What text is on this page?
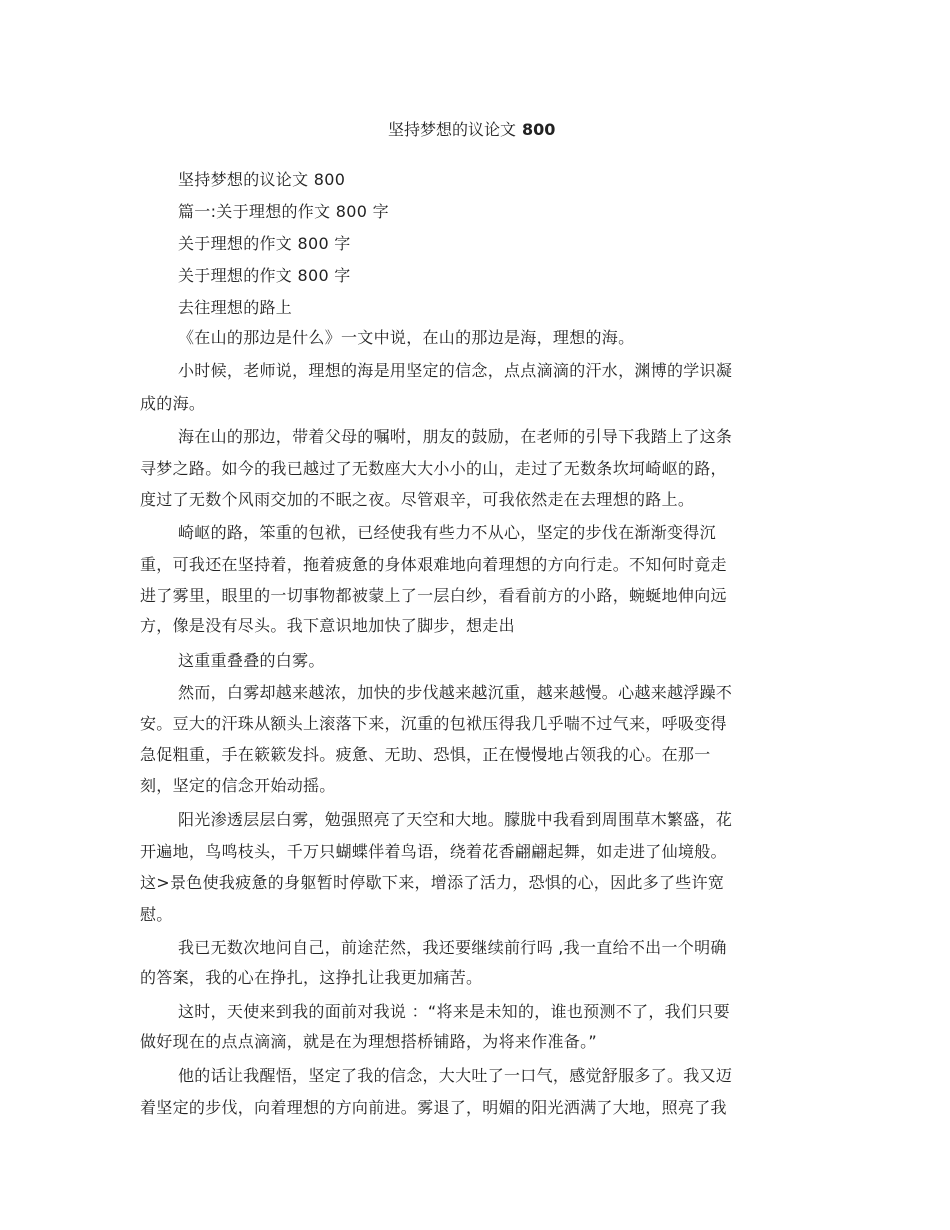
坚持梦想的议论文 800
坚持梦想的议论文 800
篇一:关于理想的作文 800 字
关于理想的作文 800 字
关于理想的作文 800 字
去往理想的路上
《在山的那边是什么》一文中说，在山的那边是海，理想的海。
小时候，老师说，理想的海是用坚定的信念，点点滴滴的汗水，渊博的学识凝
成的海。
海在山的那边，带着父母的嘱咐，朋友的鼓励，在老师的引导下我踏上了这条
寻梦之路。如今的我已越过了无数座大大小小的山，走过了无数条坎坷崎岖的路，
度过了无数个风雨交加的不眠之夜。尽管艰辛，可我依然走在去理想的路上。
崎岖的路，笨重的包袱，已经使我有些力不从心，坚定的步伐在渐渐变得沉
重，可我还在坚持着，拖着疲惫的身体艰难地向着理想的方向行走。不知何时竟走
进了雾里，眼里的一切事物都被蒙上了一层白纱，看看前方的小路，蜿蜒地伸向远
方，像是没有尽头。我下意识地加快了脚步，想走出
这重重叠叠的白雾。
然而，白雾却越来越浓，加快的步伐越来越沉重，越来越慢。心越来越浮躁不
安。豆大的汗珠从额头上滚落下来，沉重的包袱压得我几乎喘不过气来，呼吸变得
急促粗重，手在簌簌发抖。疲惫、无助、恐惧，正在慢慢地占领我的心。在那一
刻，坚定的信念开始动摇。
阳光渗透层层白雾，勉强照亮了天空和大地。朦胧中我看到周围草木繁盛，花
开遍地，鸟鸣枝头，千万只蝴蝶伴着鸟语，绕着花香翩翩起舞，如走进了仙境般。
这>景色使我疲惫的身躯暂时停歇下来，增添了活力，恐惧的心，因此多了些许宽
慰。
我已无数次地问自己，前途茫然，我还要继续前行吗 ,我一直给不出一个明确
的答案，我的心在挣扎，这挣扎让我更加痛苦。
这时，天使来到我的面前对我说 ：“将来是未知的，谁也预测不了，我们只要
做好现在的点点滴滴，就是在为理想搭桥铺路，为将来作准备。”
他的话让我醒悟，坚定了我的信念，大大吐了一口气，感觉舒服多了。我又迈
着坚定的步伐，向着理想的方向前进。雾退了，明媚的阳光洒满了大地，照亮了我
